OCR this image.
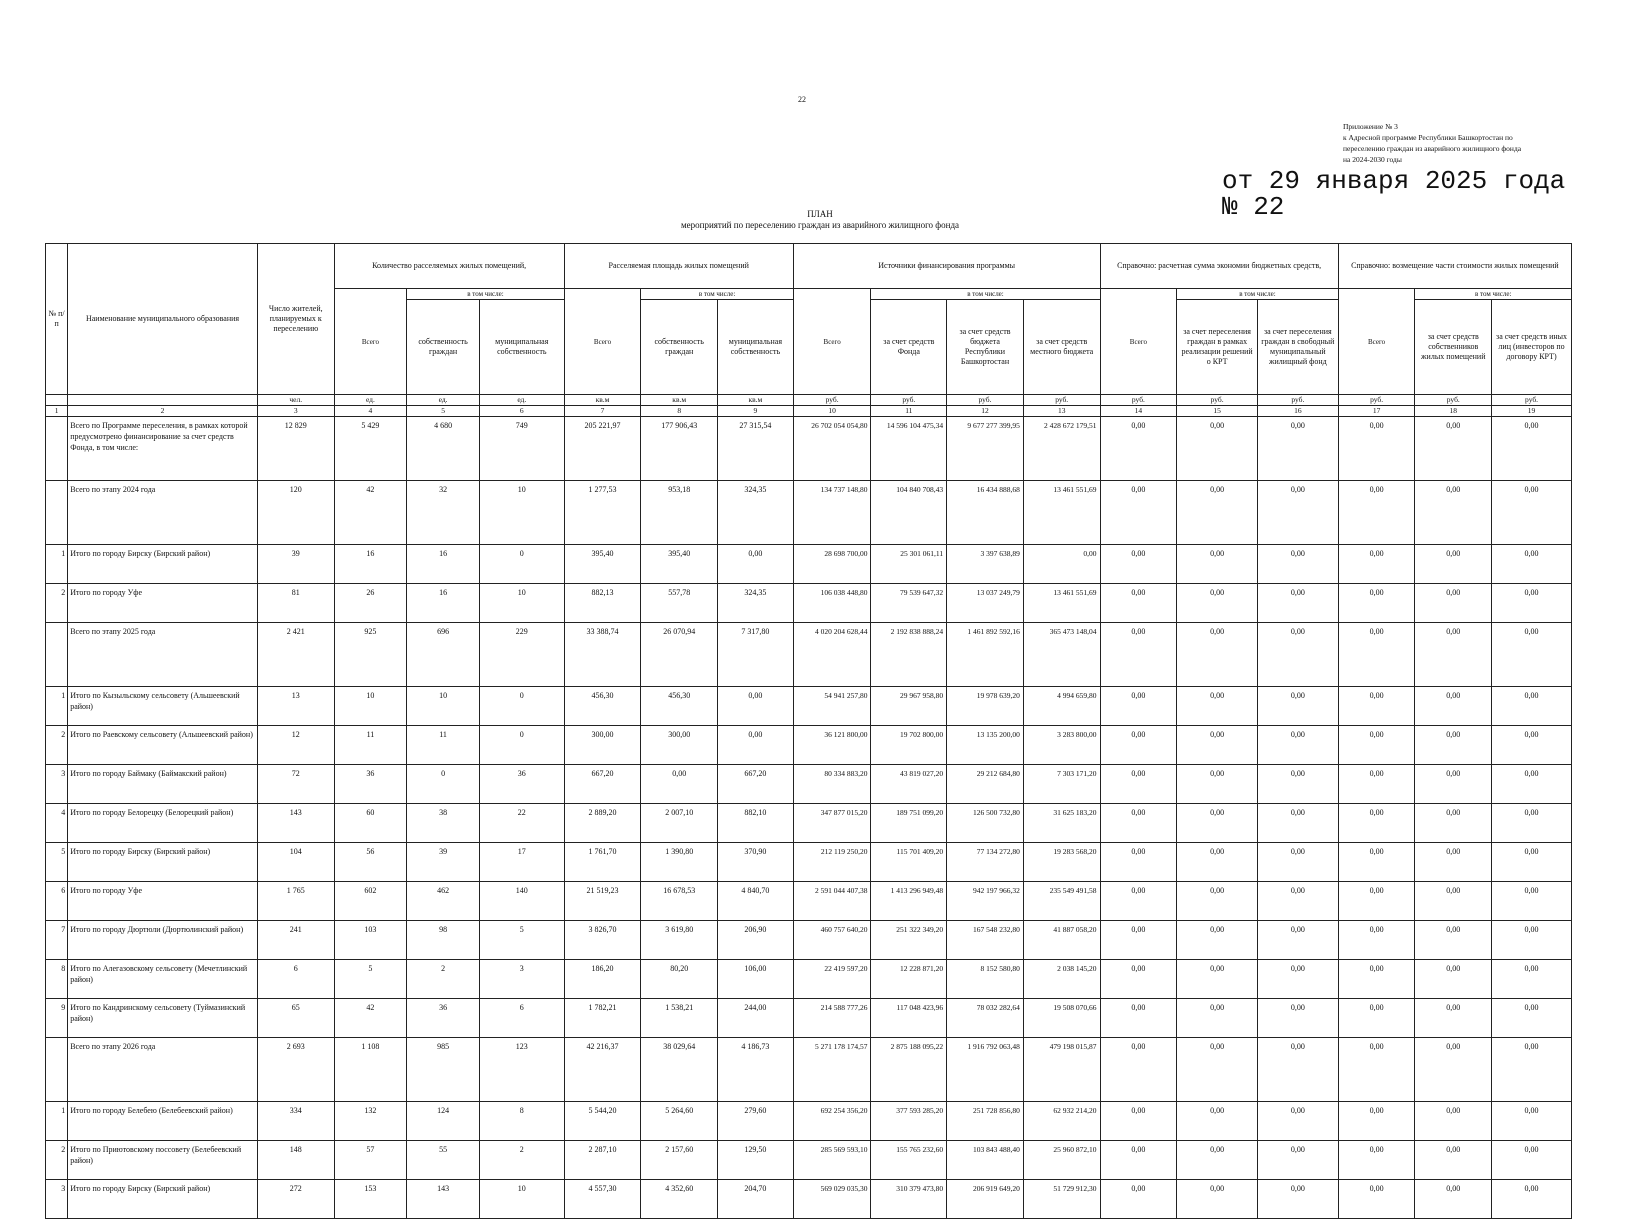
22
Приложение № 3
к Адресной программе Республики Башкортостан по
переселению граждан из аварийного жилищного фонда
на 2024-2030 годы
от 29 января 2025 года
№ 22
ПЛАН
мероприятий по переселению граждан из аварийного жилищного фонда
№ п/п	Наименование муниципального образования	Число жителей, планируемых к переселению	Количество расселяемых жилых помещений,			Расселяемая площадь жилых помещений			Источники финансирования программы				Справочно: расчетная сумма экономии бюджетных средств,			Справочно: возмещение части стоимости жилых помещений		
			Всего	в том числе:		Всего	в том числе:		Всего	в том числе:			Всего	в том числе:		Всего	в том числе:	
				собственность граждан	муниципальная собственность		собственность граждан	муниципальная собственность		за счет средств Фонда	за счет средств бюджета Республики Башкортостан	за счет средств местного бюджета		за счет переселения граждан в рамках реализации решений о КРТ	за счет переселения граждан в свободный муниципальный жилищный фонд		за счет средств собственников жилых помещений	за счет средств иных лиц (инвесторов по договору КРТ)
		чел.	ед.	ед.	ед.	кв.м	кв.м	кв.м	руб.	руб.	руб.	руб.	руб.	руб.	руб.	руб.	руб.	руб.
1	2	3	4	5	6	7	8	9	10	11	12	13	14	15	16	17	18	19
	Всего по Программе переселения, в рамках которой предусмотрено финансирование за счет средств Фонда, в том числе:	12 829	5 429	4 680	749	205 221,97	177 906,43	27 315,54	26 702 054 054,80	14 596 104 475,34	9 677 277 399,95	2 428 672 179,51	0,00	0,00	0,00	0,00	0,00	0,00
	Всего по этапу 2024 года	120	42	32	10	1 277,53	953,18	324,35	134 737 148,80	104 840 708,43	16 434 888,68	13 461 551,69	0,00	0,00	0,00	0,00	0,00	0,00
1	Итого по городу Бирску (Бирский район)	39	16	16	0	395,40	395,40	0,00	28 698 700,00	25 301 061,11	3 397 638,89	0,00	0,00	0,00	0,00	0,00	0,00	0,00
2	Итого по городу Уфе	81	26	16	10	882,13	557,78	324,35	106 038 448,80	79 539 647,32	13 037 249,79	13 461 551,69	0,00	0,00	0,00	0,00	0,00	0,00
	Всего по этапу 2025 года	2 421	925	696	229	33 388,74	26 070,94	7 317,80	4 020 204 628,44	2 192 838 888,24	1 461 892 592,16	365 473 148,04	0,00	0,00	0,00	0,00	0,00	0,00
1	Итого по Кызыльскому сельсовету (Альшеевский район)	13	10	10	0	456,30	456,30	0,00	54 941 257,80	29 967 958,80	19 978 639,20	4 994 659,80	0,00	0,00	0,00	0,00	0,00	0,00
2	Итого по Раевскому сельсовету (Альшеевский район)	12	11	11	0	300,00	300,00	0,00	36 121 800,00	19 702 800,00	13 135 200,00	3 283 800,00	0,00	0,00	0,00	0,00	0,00	0,00
3	Итого по городу Баймаку (Баймакский район)	72	36	0	36	667,20	0,00	667,20	80 334 883,20	43 819 027,20	29 212 684,80	7 303 171,20	0,00	0,00	0,00	0,00	0,00	0,00
4	Итого по городу Белорецку (Белорецкий район)	143	60	38	22	2 889,20	2 007,10	882,10	347 877 015,20	189 751 099,20	126 500 732,80	31 625 183,20	0,00	0,00	0,00	0,00	0,00	0,00
5	Итого по городу Бирску (Бирский район)	104	56	39	17	1 761,70	1 390,80	370,90	212 119 250,20	115 701 409,20	77 134 272,80	19 283 568,20	0,00	0,00	0,00	0,00	0,00	0,00
6	Итого по городу Уфе	1 765	602	462	140	21 519,23	16 678,53	4 840,70	2 591 044 407,38	1 413 296 949,48	942 197 966,32	235 549 491,58	0,00	0,00	0,00	0,00	0,00	0,00
7	Итого по городу Дюртюли (Дюртюлинский район)	241	103	98	5	3 826,70	3 619,80	206,90	460 757 640,20	251 322 349,20	167 548 232,80	41 887 058,20	0,00	0,00	0,00	0,00	0,00	0,00
8	Итого по Алегазовскому сельсовету (Мечетлинский район)	6	5	2	3	186,20	80,20	106,00	22 419 597,20	12 228 871,20	8 152 580,80	2 038 145,20	0,00	0,00	0,00	0,00	0,00	0,00
9	Итого по Кандринскому сельсовету (Туймазинский район)	65	42	36	6	1 782,21	1 538,21	244,00	214 588 777,26	117 048 423,96	78 032 282,64	19 508 070,66	0,00	0,00	0,00	0,00	0,00	0,00
	Всего по этапу 2026 года	2 693	1 108	985	123	42 216,37	38 029,64	4 186,73	5 271 178 174,57	2 875 188 095,22	1 916 792 063,48	479 198 015,87	0,00	0,00	0,00	0,00	0,00	0,00
1	Итого по городу Белебею (Белебеевский район)	334	132	124	8	5 544,20	5 264,60	279,60	692 254 356,20	377 593 285,20	251 728 856,80	62 932 214,20	0,00	0,00	0,00	0,00	0,00	0,00
2	Итого по Приютовскому поссовету (Белебеевский район)	148	57	55	2	2 287,10	2 157,60	129,50	285 569 593,10	155 765 232,60	103 843 488,40	25 960 872,10	0,00	0,00	0,00	0,00	0,00	0,00
3	Итого по городу Бирску (Бирский район)	272	153	143	10	4 557,30	4 352,60	204,70	569 029 035,30	310 379 473,80	206 919 649,20	51 729 912,30	0,00	0,00	0,00	0,00	0,00	0,00
